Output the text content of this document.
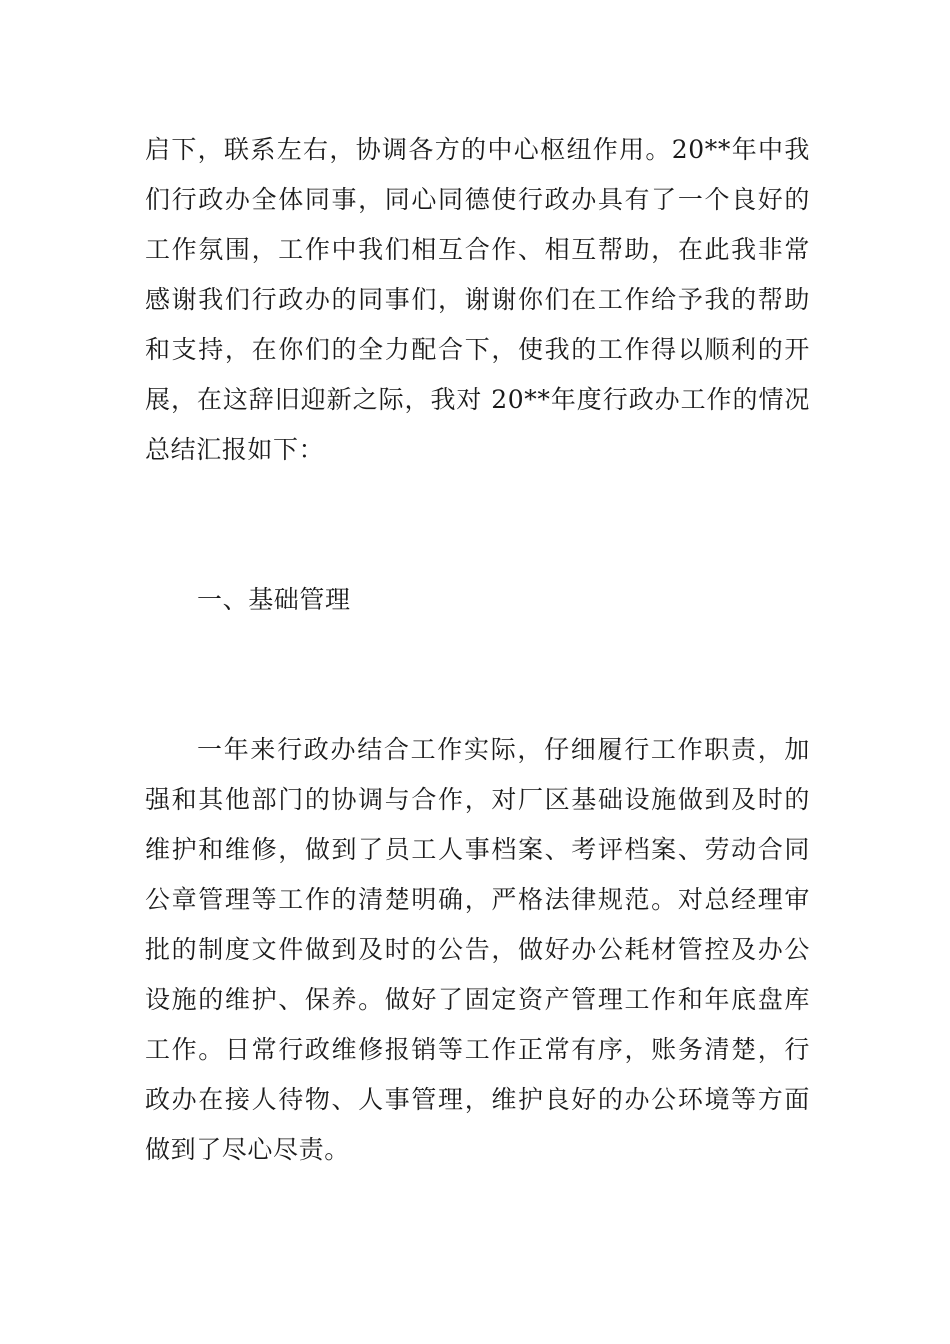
启下，联系左右，协调各方的中心枢纽作用。20**年中我
们行政办全体同事，同心同德使行政办具有了一个良好的
工作氛围，工作中我们相互合作、相互帮助，在此我非常
感谢我们行政办的同事们，谢谢你们在工作给予我的帮助
和支持，在你们的全力配合下，使我的工作得以顺利的开
展，在这辞旧迎新之际，我对 20**年度行政办工作的情况
总结汇报如下：
一、基础管理
一年来行政办结合工作实际，仔细履行工作职责，加
强和其他部门的协调与合作，对厂区基础设施做到及时的
维护和维修，做到了员工人事档案、考评档案、劳动合同
公章管理等工作的清楚明确，严格法律规范。对总经理审
批的制度文件做到及时的公告，做好办公耗材管控及办公
设施的维护、保养。做好了固定资产管理工作和年底盘库
工作。日常行政维修报销等工作正常有序，账务清楚，行
政办在接人待物、人事管理，维护良好的办公环境等方面
做到了尽心尽责。
